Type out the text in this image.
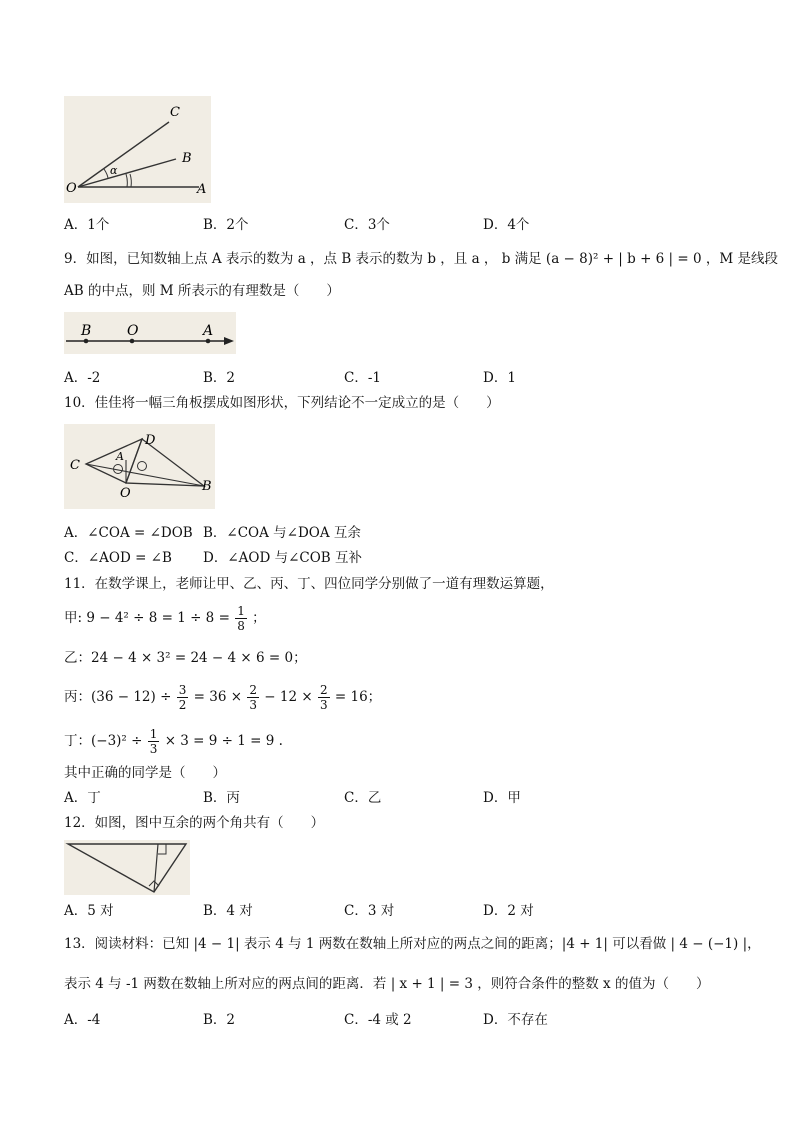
C
B
O	A
α
A．1个	B．2个	C．3个	D．4个
9．如图，已知数轴上点 A 表示的数为 a ，点 B 表示的数为 b ，且 a ， b 满足 (a − 8)² + | b + 6 | = 0 ，M 是线段
AB 的中点，则 M 所表示的有理数是（　　）
B	O	A
A．-2	B．2	C．-1	D．1
10．佳佳将一幅三角板摆成如图形状，下列结论不一定成立的是（　　）
C
D
A
O	B
A．∠COA = ∠DOB B．∠COA 与∠DOA 互余
C．∠AOD = ∠B D．∠AOD 与∠COB 互补
11．在数学课上，老师让甲、乙、丙、丁、四位同学分别做了一道有理数运算题，
甲: $9 - 4^2 \div 8 = 1 \div 8 = \frac{1}{8}$ ；
乙：24 − 4 × 3² = 24 − 4 × 6 = 0；
丙：$(36 - 12) \div \frac{3}{2} = 36 \times \frac{2}{3} - 12 \times \frac{2}{3} = 16$；
丁：$(-3)^2 \div \frac{1}{3} \times 3 = 9 \div 1 = 9$ .
其中正确的同学是（　　）
A．丁	B．丙	C．乙	D．甲
12．如图，图中互余的两个角共有（　　）
A．5 对	B．4 对	C．3 对	D．2 对
13．阅读材料：已知 |4 − 1| 表示 4 与 1 两数在数轴上所对应的两点之间的距离；|4 + 1| 可以看做 | 4 − (−1) |，
表示 4 与 -1 两数在数轴上所对应的两点间的距离．若 | x + 1 | = 3 ，则符合条件的整数 x 的值为（　　）
A．-4	B．2	C．-4 或 2	D．不存在
